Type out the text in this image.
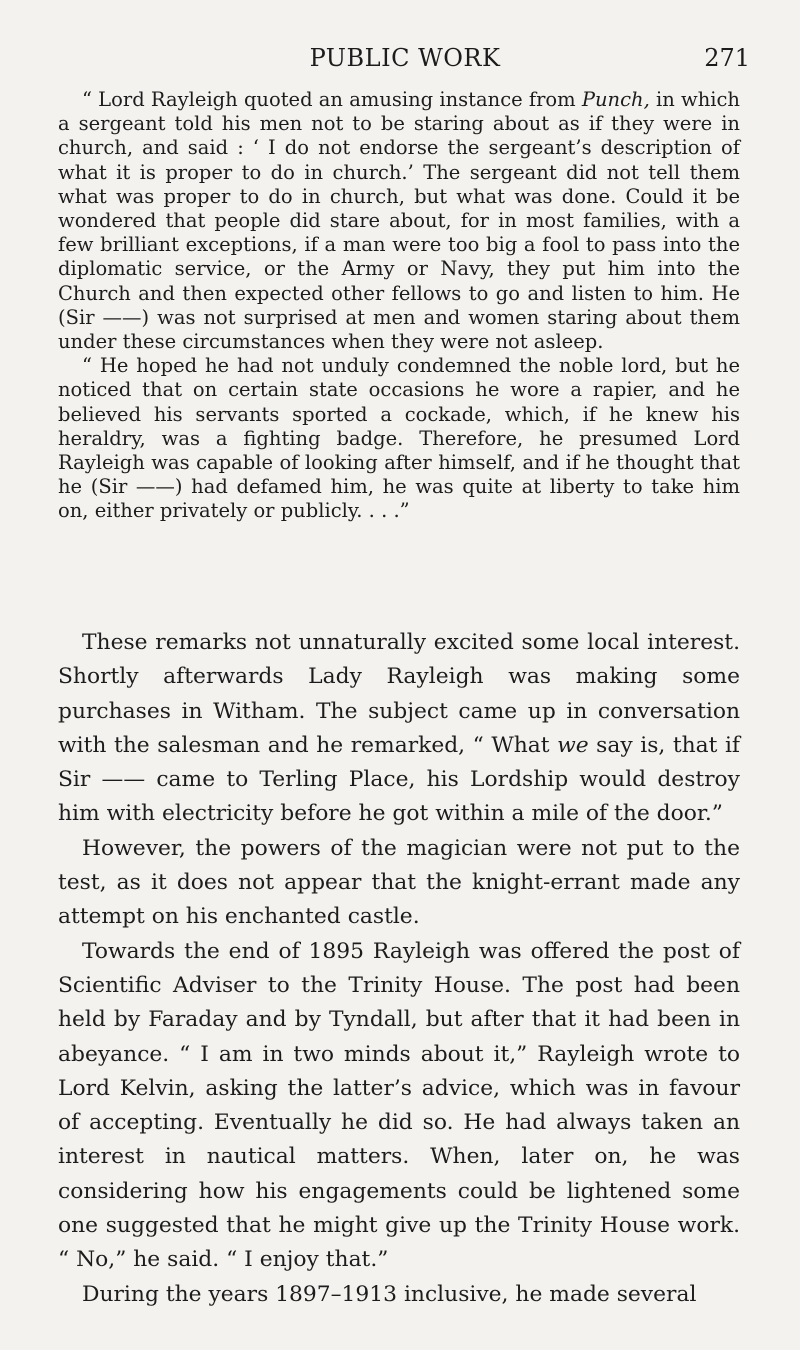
PUBLIC WORK	271

“ Lord Rayleigh quoted an amusing instance from Punch, in which a sergeant told his men not to be staring about as if they were in church, and said : ‘ I do not endorse the sergeant’s description of what it is proper to do in church.’ The sergeant did not tell them what was proper to do in church, but what was done. Could it be wondered that people did stare about, for in most families, with a few brilliant exceptions, if a man were too big a fool to pass into the diplomatic service, or the Army or Navy, they put him into the Church and then expected other fellows to go and listen to him. He (Sir ——) was not surprised at men and women staring about them under these circumstances when they were not asleep.

“ He hoped he had not unduly condemned the noble lord, but he noticed that on certain state occasions he wore a rapier, and he believed his servants sported a cockade, which, if he knew his heraldry, was a fighting badge. Therefore, he presumed Lord Rayleigh was capable of looking after himself, and if he thought that he (Sir ——) had defamed him, he was quite at liberty to take him on, either privately or publicly. . . .”

These remarks not unnaturally excited some local interest. Shortly afterwards Lady Rayleigh was making some purchases in Witham. The subject came up in conversation with the salesman and he remarked, “ What we say is, that if Sir —— came to Terling Place, his Lordship would destroy him with electricity before he got within a mile of the door.”

However, the powers of the magician were not put to the test, as it does not appear that the knight-errant made any attempt on his enchanted castle.

Towards the end of 1895 Rayleigh was offered the post of Scientific Adviser to the Trinity House. The post had been held by Faraday and by Tyndall, but after that it had been in abeyance. “ I am in two minds about it,” Rayleigh wrote to Lord Kelvin, asking the latter’s advice, which was in favour of accepting. Eventually he did so. He had always taken an interest in nautical matters. When, later on, he was considering how his engagements could be lightened some one suggested that he might give up the Trinity House work. “ No,” he said. “ I enjoy that.”

During the years 1897–1913 inclusive, he made several
